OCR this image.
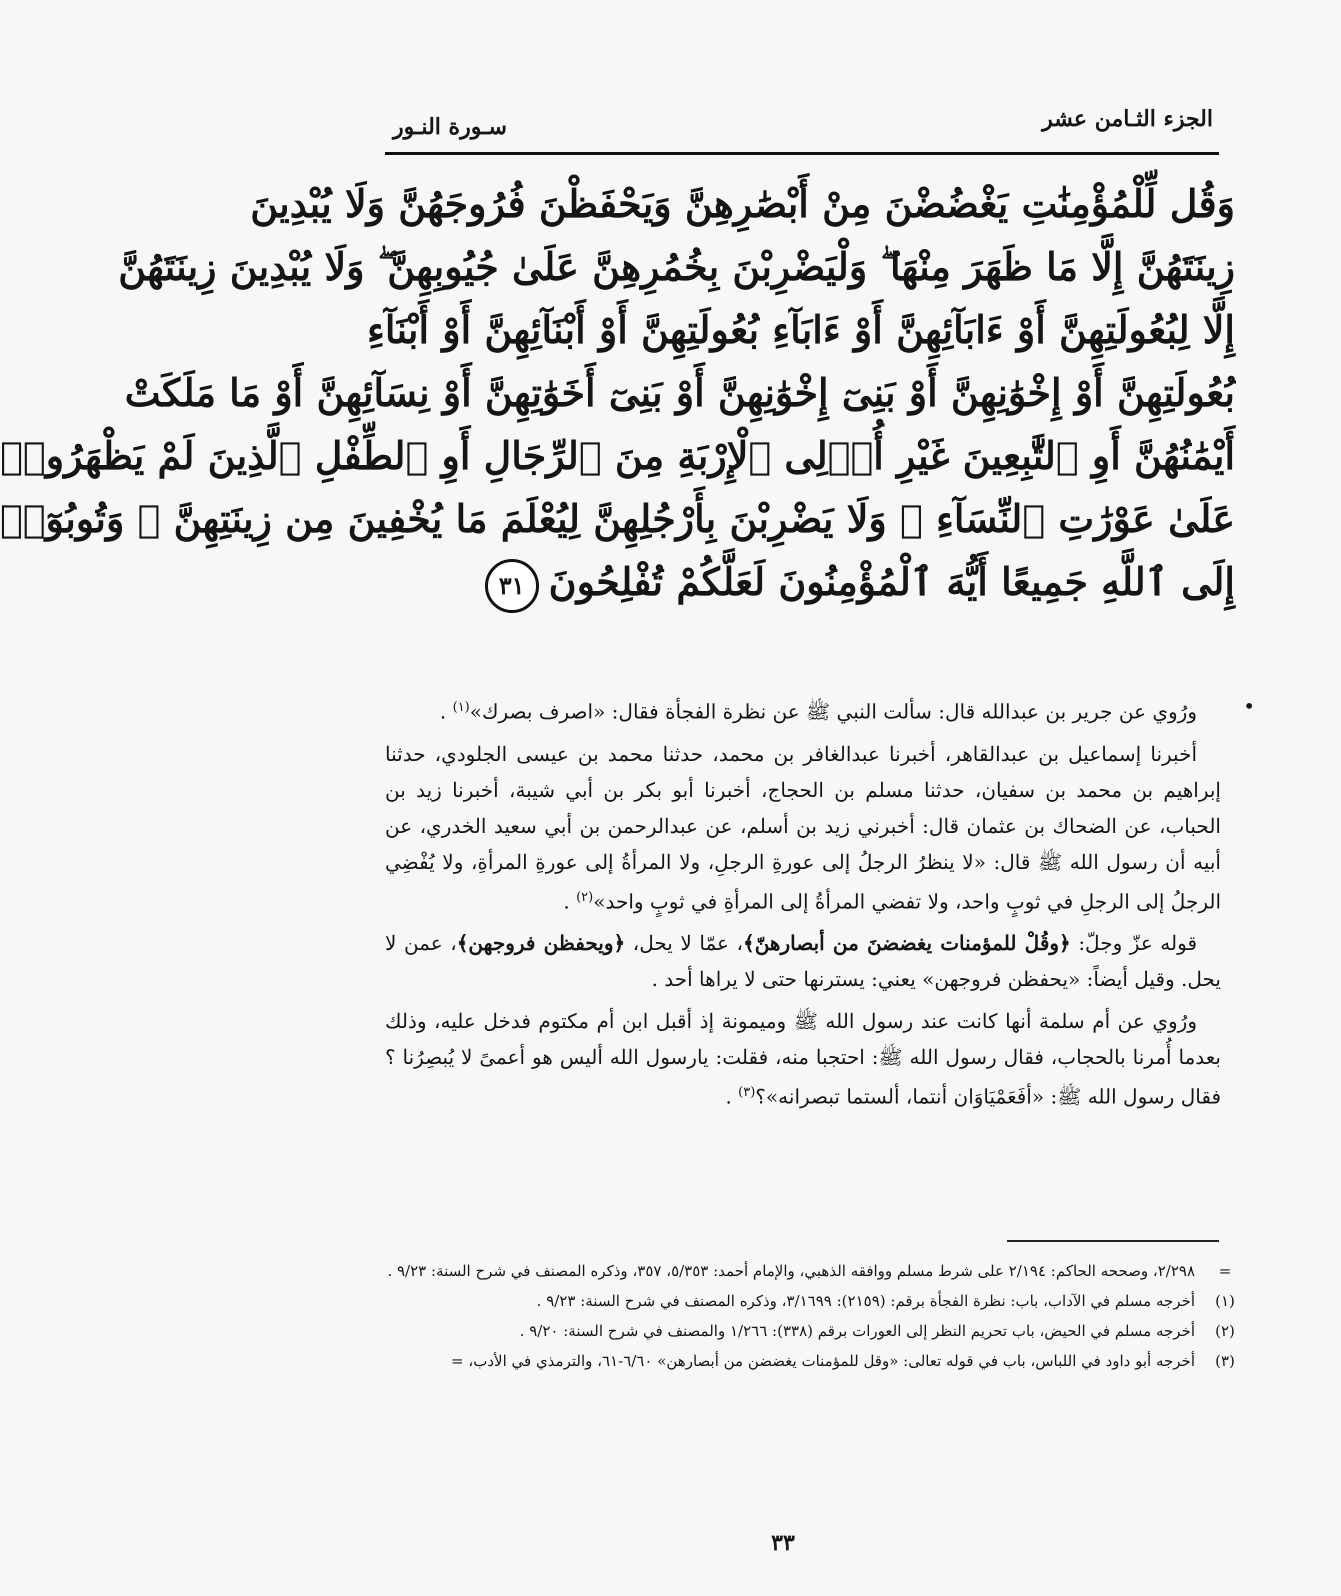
الجزء الثـامن عشر
سـورة النـور
وَقُل لِّلْمُؤْمِنَٰتِ يَغْضُضْنَ مِنْ أَبْصَٰرِهِنَّ وَيَحْفَظْنَ فُرُوجَهُنَّ وَلَا يُبْدِينَ
زِينَتَهُنَّ إِلَّا مَا ظَهَرَ مِنْهَا ۖ وَلْيَضْرِبْنَ بِخُمُرِهِنَّ عَلَىٰ جُيُوبِهِنَّ ۖ وَلَا يُبْدِينَ زِينَتَهُنَّ
إِلَّا لِبُعُولَتِهِنَّ أَوْ ءَابَآئِهِنَّ أَوْ ءَابَآءِ بُعُولَتِهِنَّ أَوْ أَبْنَآئِهِنَّ أَوْ أَبْنَآءِ
بُعُولَتِهِنَّ أَوْ إِخْوَٰنِهِنَّ أَوْ بَنِىٓ إِخْوَٰنِهِنَّ أَوْ بَنِىٓ أَخَوَٰتِهِنَّ أَوْ نِسَآئِهِنَّ أَوْ مَا مَلَكَتْ
أَيْمَٰنُهُنَّ أَوِ ٱلتَّٰبِعِينَ غَيْرِ أُو۟لِى ٱلْإِرْبَةِ مِنَ ٱلرِّجَالِ أَوِ ٱلطِّفْلِ ٱلَّذِينَ لَمْ يَظْهَرُوا۟
عَلَىٰ عَوْرَٰتِ ٱلنِّسَآءِ ۖ وَلَا يَضْرِبْنَ بِأَرْجُلِهِنَّ لِيُعْلَمَ مَا يُخْفِينَ مِن زِينَتِهِنَّ ۚ وَتُوبُوٓا۟
إِلَى ٱللَّهِ جَمِيعًا أَيُّهَ ٱلْمُؤْمِنُونَ لَعَلَّكُمْ تُفْلِحُونَ٣١
•

ورُوي عن جرير بن عبدالله قال: سألت النبي ﷺ عن نظرة الفجأة فقال: «اصرف بصرك»$^{(١)}$ .

أخبرنا إسماعيل بن عبدالقاهر، أخبرنا عبدالغافر بن محمد، حدثنا محمد بن عيسى الجلودي، حدثنا إبراهيم بن محمد بن سفيان، حدثنا مسلم بن الحجاج، أخبرنا أبو بكر بن أبي شيبة، أخبرنا زيد بن الحباب، عن الضحاك بن عثمان قال: أخبرني زيد بن أسلم، عن عبدالرحمن بن أبي سعيد الخدري، عن أبيه أن رسول الله ﷺ قال: «لا ينظرُ الرجلُ إلى عورةِ الرجلِ، ولا المرأةُ إلى عورةِ المرأةِ، ولا يُفْضِي الرجلُ إلى الرجلِ في ثوبٍ واحد، ولا تفضي المرأةُ إلى المرأةِ في ثوبٍ واحد»$^{(٢)}$ .

قوله عزّ وجلّ: ﴿وقُلْ للمؤمنات يغضضنَ من أبصارهنّ﴾، عمّا لا يحل، ﴿ويحفظن فروجهن﴾، عمن لا يحل. وقيل أيضاً: «يحفظن فروجهن» يعني: يسترنها حتى لا يراها أحد .

ورُوي عن أم سلمة أنها كانت عند رسول الله ﷺ وميمونة إذ أقبل ابن أم مكتوم فدخل عليه، وذلك بعدما أُمرنا بالحجاب، فقال رسول الله ﷺ: احتجبا منه، فقلت: يارسول الله أليس هو أعمىً لا يُبصِرُنا ؟ فقال رسول الله ﷺ: «أفَعَمْيَاوَان أنتما، ألستما تبصرانه»؟$^{(٣)}$ .

=
٢/٢٩٨، وصححه الحاكم: ٢/١٩٤ على شرط مسلم ووافقه الذهبي، والإمام أحمد: ٥/٣٥٣، ٣٥٧، وذكره المصنف في شرح السنة: ٩/٢٣ .
(١)
أخرجه مسلم في الآداب، باب: نظرة الفجأة برقم: (٢١٥٩): ٣/١٦٩٩، وذكره المصنف في شرح السنة: ٩/٢٣ .
(٢)
أخرجه مسلم في الحيض، باب تحريم النظر إلى العورات برقم (٣٣٨): ١/٢٦٦ والمصنف في شرح السنة: ٩/٢٠ .
(٣)
أخرجه أبو داود في اللباس، باب في قوله تعالى: «وقل للمؤمنات يغضضن من أبصارهن» ٦/٦٠-٦١، والترمذي في الأدب، =
٣٣
